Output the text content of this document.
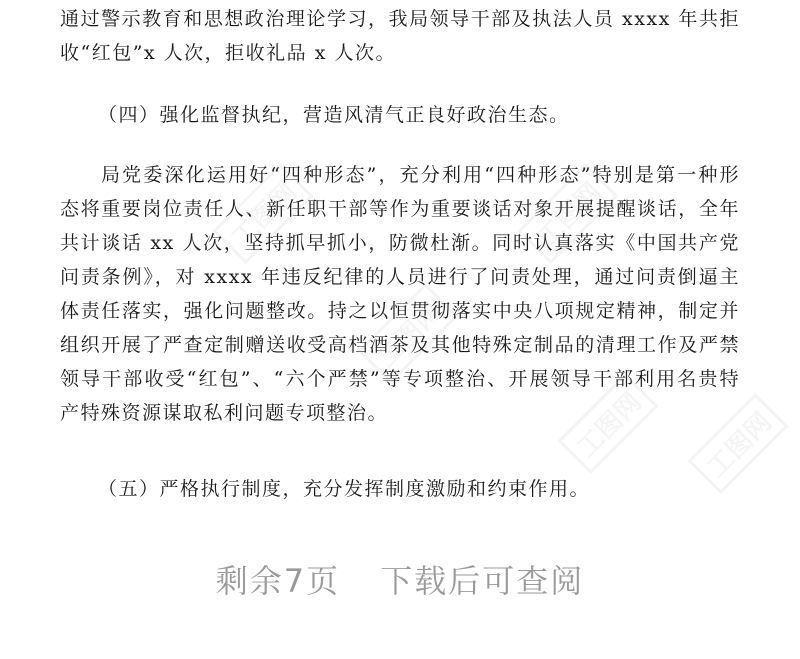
通过警示教育和思想政治理论学习，我局领导干部及执法人员 xxxx 年共拒收“红包”x 人次，拒收礼品 x 人次。

（四）强化监督执纪，营造风清气正良好政治生态。

局党委深化运用好“四种形态”，充分利用“四种形态”特别是第一种形态将重要岗位责任人、新任职干部等作为重要谈话对象开展提醒谈话，全年共计谈话 xx 人次，坚持抓早抓小，防微杜渐。同时认真落实《中国共产党问责条例》，对 xxxx 年违反纪律的人员进行了问责处理，通过问责倒逼主体责任落实，强化问题整改。持之以恒贯彻落实中央八项规定精神，制定并组织开展了严查定制赠送收受高档酒茶及其他特殊定制品的清理工作及严禁领导干部收受“红包”、“六个严禁”等专项整治、开展领导干部利用名贵特产特殊资源谋取私利问题专项整治。

（五）严格执行制度，充分发挥制度激励和约束作用。

剩余7页 下载后可查阅
工图网	工图网
工图网
工图网
工图网
